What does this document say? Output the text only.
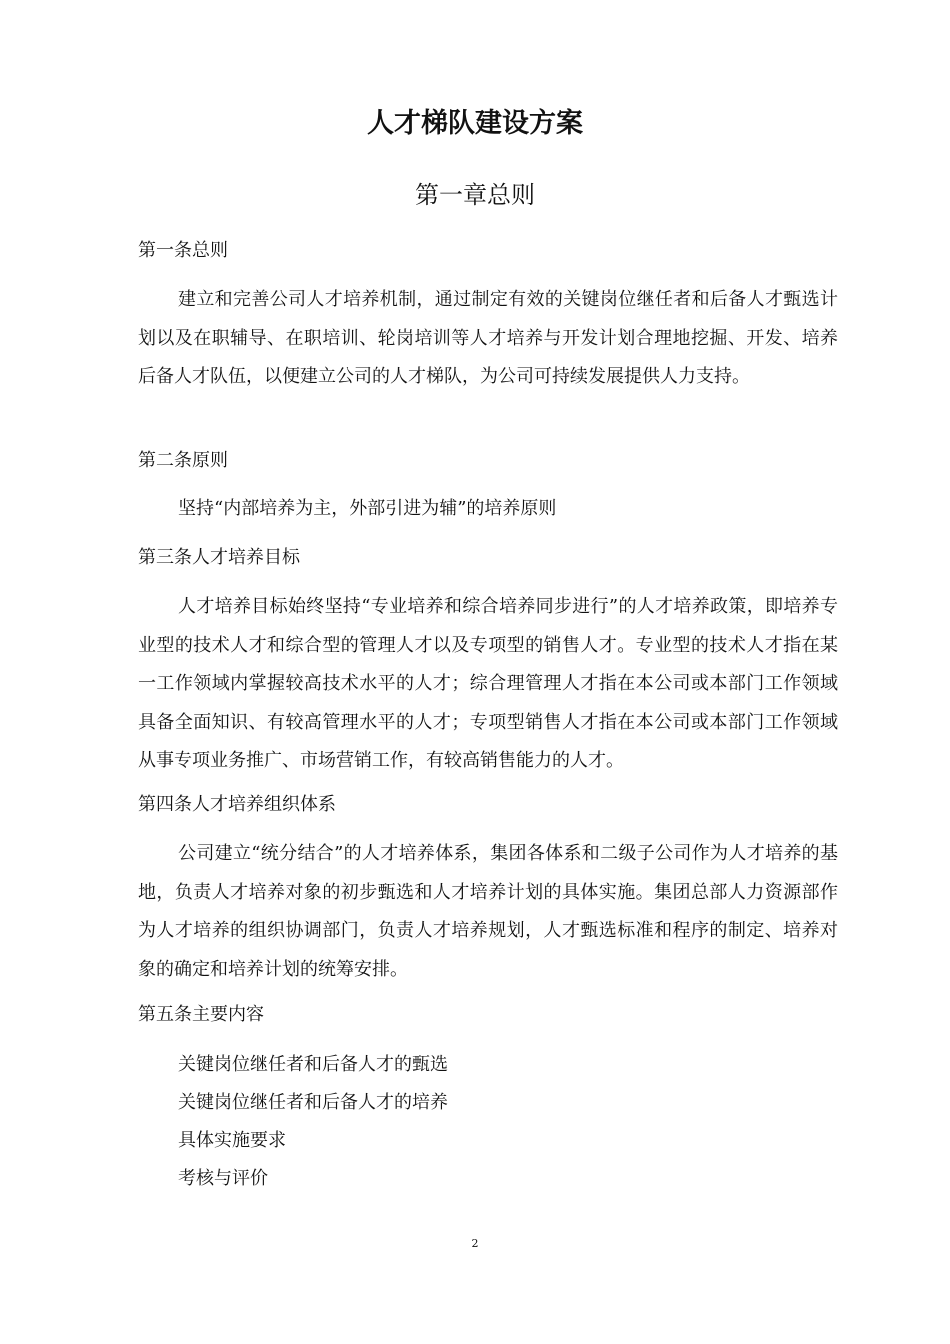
人才梯队建设方案
第一章总则
第一条总则

建立和完善公司人才培养机制，通过制定有效的关键岗位继任者和后备人才甄选计划以及在职辅导、在职培训、轮岗培训等人才培养与开发计划合理地挖掘、开发、培养后备人才队伍，以便建立公司的人才梯队，为公司可持续发展提供人力支持。

第二条原则

坚持“内部培养为主，外部引进为辅”的培养原则

第三条人才培养目标

人才培养目标始终坚持“专业培养和综合培养同步进行”的人才培养政策，即培养专业型的技术人才和综合型的管理人才以及专项型的销售人才。专业型的技术人才指在某一工作领域内掌握较高技术水平的人才；综合理管理人才指在本公司或本部门工作领域具备全面知识、有较高管理水平的人才；专项型销售人才指在本公司或本部门工作领域从事专项业务推广、市场营销工作，有较高销售能力的人才。

第四条人才培养组织体系

公司建立“统分结合”的人才培养体系，集团各体系和二级子公司作为人才培养的基地，负责人才培养对象的初步甄选和人才培养计划的具体实施。集团总部人力资源部作为人才培养的组织协调部门，负责人才培养规划，人才甄选标准和程序的制定、培养对象的确定和培养计划的统筹安排。

第五条主要内容
关键岗位继任者和后备人才的甄选
关键岗位继任者和后备人才的培养
具体实施要求
考核与评价
2
